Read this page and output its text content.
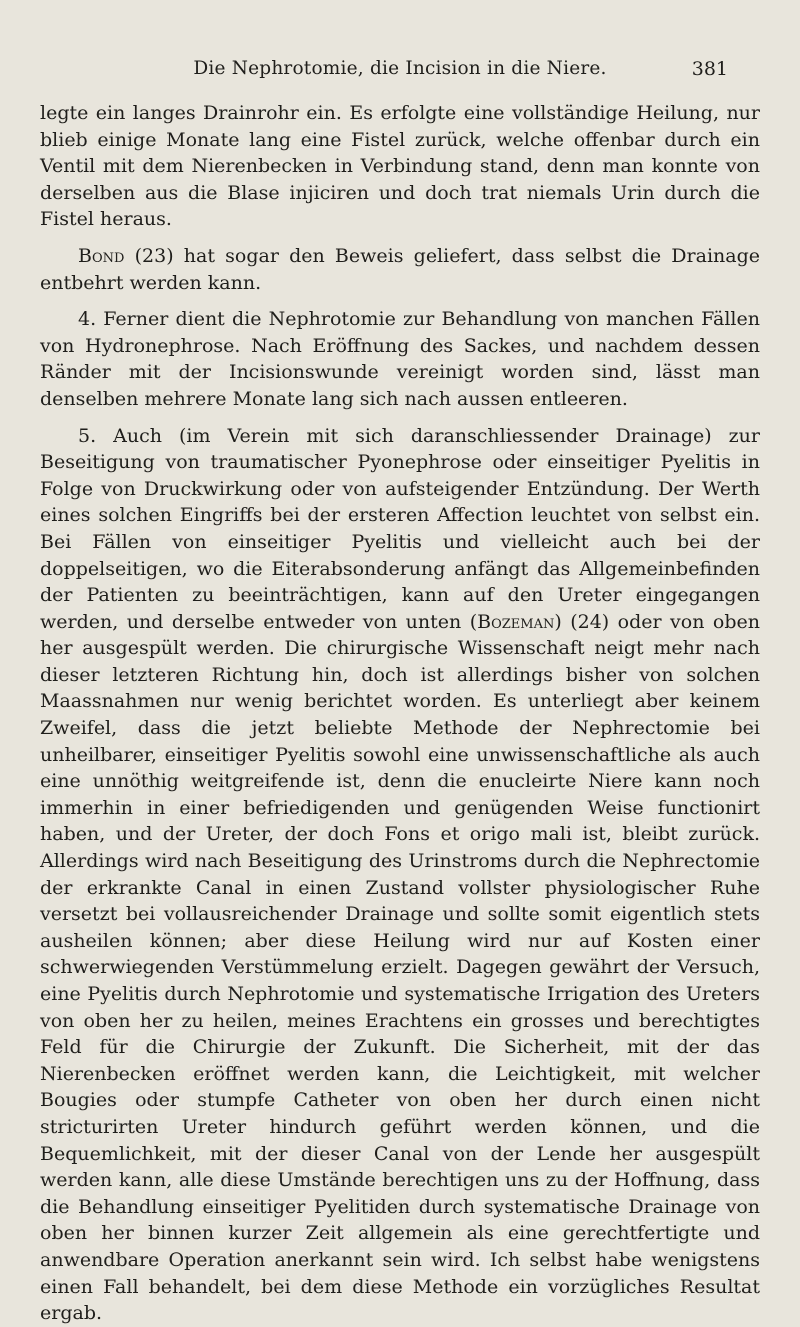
Die Nephrotomie, die Incision in die Niere.	381

legte ein langes Drainrohr ein. Es erfolgte eine vollständige Heilung, nur blieb einige Monate lang eine Fistel zurück, welche offenbar durch ein Ventil mit dem Nierenbecken in Verbindung stand, denn man konnte von derselben aus die Blase injiciren und doch trat niemals Urin durch die Fistel heraus.

Bond (23) hat sogar den Beweis geliefert, dass selbst die Drainage entbehrt werden kann.

4. Ferner dient die Nephrotomie zur Behandlung von manchen Fällen von Hydronephrose. Nach Eröffnung des Sackes, und nachdem dessen Ränder mit der Incisionswunde vereinigt worden sind, lässt man denselben mehrere Monate lang sich nach aussen entleeren.

5. Auch (im Verein mit sich daranschliessender Drainage) zur Beseitigung von traumatischer Pyonephrose oder einseitiger Pyelitis in Folge von Druckwirkung oder von aufsteigender Entzündung. Der Werth eines solchen Eingriffs bei der ersteren Affection leuchtet von selbst ein. Bei Fällen von einseitiger Pyelitis und vielleicht auch bei der doppelseitigen, wo die Eiterabsonderung anfängt das Allgemeinbefinden der Patienten zu beeinträchtigen, kann auf den Ureter eingegangen werden, und derselbe entweder von unten (Bozeman) (24) oder von oben her ausgespült werden. Die chirurgische Wissenschaft neigt mehr nach dieser letzteren Richtung hin, doch ist allerdings bisher von solchen Maassnahmen nur wenig berichtet worden. Es unterliegt aber keinem Zweifel, dass die jetzt beliebte Methode der Nephrectomie bei unheilbarer, einseitiger Pyelitis sowohl eine unwissenschaftliche als auch eine unnöthig weitgreifende ist, denn die enucleirte Niere kann noch immerhin in einer befriedigenden und genügenden Weise functionirt haben, und der Ureter, der doch Fons et origo mali ist, bleibt zurück. Allerdings wird nach Beseitigung des Urinstroms durch die Nephrectomie der erkrankte Canal in einen Zustand vollster physiologischer Ruhe versetzt bei vollausreichender Drainage und sollte somit eigentlich stets ausheilen können; aber diese Heilung wird nur auf Kosten einer schwerwiegenden Verstümmelung erzielt. Dagegen gewährt der Versuch, eine Pyelitis durch Nephrotomie und systematische Irrigation des Ureters von oben her zu heilen, meines Erachtens ein grosses und berechtigtes Feld für die Chirurgie der Zukunft. Die Sicherheit, mit der das Nierenbecken eröffnet werden kann, die Leichtigkeit, mit welcher Bougies oder stumpfe Catheter von oben her durch einen nicht stricturirten Ureter hindurch geführt werden können, und die Bequemlichkeit, mit der dieser Canal von der Lende her ausgespült werden kann, alle diese Umstände berechtigen uns zu der Hoffnung, dass die Behandlung einseitiger Pyelitiden durch systematische Drainage von oben her binnen kurzer Zeit allgemein als eine gerechtfertigte und anwendbare Operation anerkannt sein wird. Ich selbst habe wenigstens einen Fall behandelt, bei dem diese Methode ein vorzügliches Resultat ergab.
